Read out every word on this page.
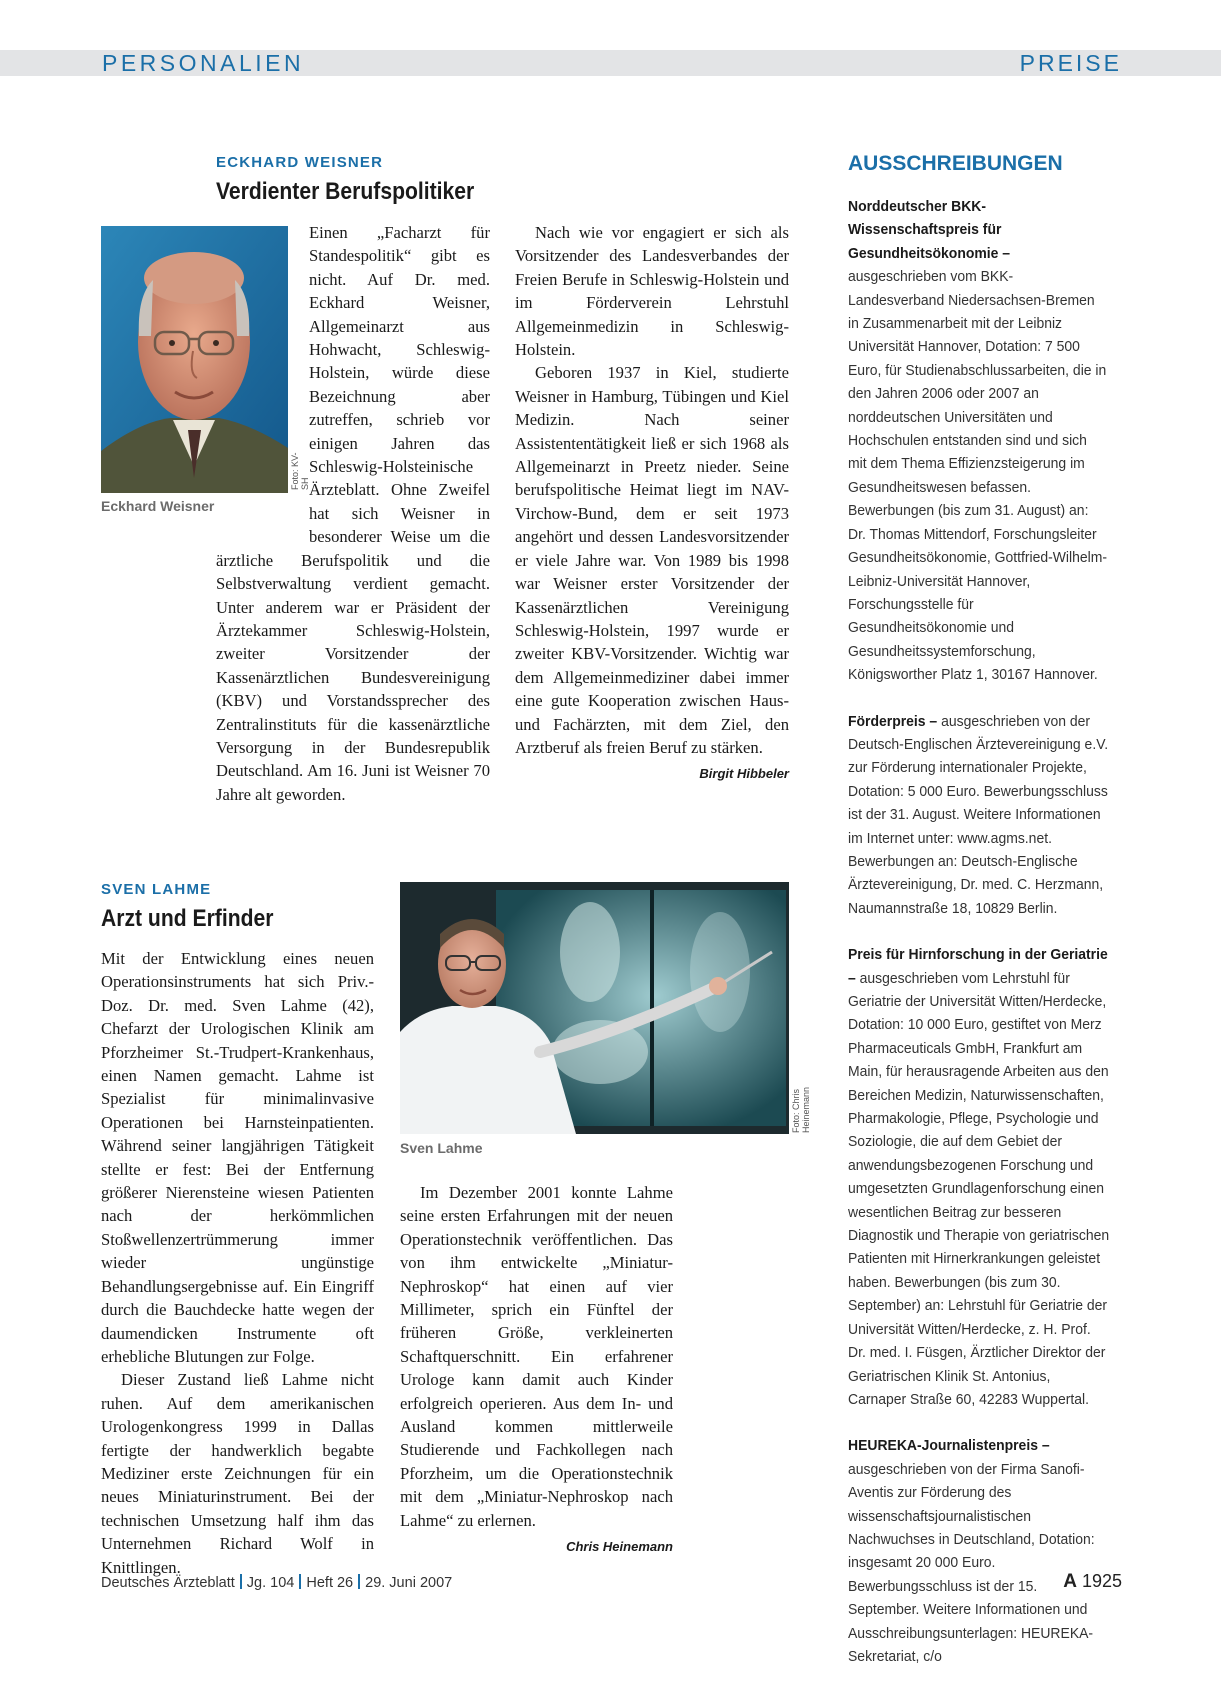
PERSONALIEN	PREISE
ECKHARD WEISNER
Verdienter Berufspolitiker
Foto: KV-SH
Eckhard Weisner

Einen „Facharzt für Standespolitik“ gibt es nicht. Auf Dr. med. Eckhard Weisner, Allgemeinarzt aus Hohwacht, Schleswig-Holstein, würde diese Bezeichnung aber zutreffen, schrieb vor einigen Jahren das Schleswig-Holsteinische Ärzteblatt. Ohne Zweifel hat sich Weisner in besonderer Weise um die ärztliche Berufspolitik und die Selbstverwaltung verdient gemacht. Unter anderem war er Präsident der Ärztekammer Schleswig-Holstein, zweiter Vorsitzender der Kassenärztlichen Bundesvereinigung (KBV) und Vorstandssprecher des Zentralinstituts für die kassenärztliche Versorgung in der Bundesrepublik Deutschland. Am 16. Juni ist Weisner 70 Jahre alt geworden.

Nach wie vor engagiert er sich als Vorsitzender des Landesverbandes der Freien Berufe in Schleswig-Holstein und im Förderverein Lehrstuhl Allgemeinmedizin in Schleswig-Holstein.

Geboren 1937 in Kiel, studierte Weisner in Hamburg, Tübingen und Kiel Medizin. Nach seiner Assistententätigkeit ließ er sich 1968 als Allgemeinarzt in Preetz nieder. Seine berufspolitische Heimat liegt im NAV-Virchow-Bund, dem er seit 1973 angehört und dessen Landesvorsitzender er viele Jahre war. Von 1989 bis 1998 war Weisner erster Vorsitzender der Kassenärztlichen Vereinigung Schleswig-Holstein, 1997 wurde er zweiter KBV-Vorsitzender. Wichtig war dem Allgemeinmediziner dabei immer eine gute Kooperation zwischen Haus- und Fachärzten, mit dem Ziel, den Arztberuf als freien Beruf zu stärken.

Birgit Hibbeler
SVEN LAHME
Arzt und Erfinder

Mit der Entwicklung eines neuen Operationsinstruments hat sich Priv.-Doz. Dr. med. Sven Lahme (42), Chefarzt der Urologischen Klinik am Pforzheimer St.-Trudpert-Krankenhaus, einen Namen gemacht. Lahme ist Spezialist für minimalinvasive Operationen bei Harnsteinpatienten. Während seiner langjährigen Tätigkeit stellte er fest: Bei der Entfernung größerer Nierensteine wiesen Patienten nach der herkömmlichen Stoßwellenzertrümmerung immer wieder ungünstige Behandlungsergebnisse auf. Ein Eingriff durch die Bauchdecke hatte wegen der daumendicken Instrumente oft erhebliche Blutungen zur Folge.

Dieser Zustand ließ Lahme nicht ruhen. Auf dem amerikanischen Urologenkongress 1999 in Dallas fertigte der handwerklich begabte Mediziner erste Zeichnungen für ein neues Miniaturinstrument. Bei der technischen Umsetzung half ihm das Unternehmen Richard Wolf in Knittlingen.

Foto: Chris Heinemann
Sven Lahme

Im Dezember 2001 konnte Lahme seine ersten Erfahrungen mit der neuen Operationstechnik veröffentlichen. Das von ihm entwickelte „Miniatur-Nephroskop“ hat einen auf vier Millimeter, sprich ein Fünftel der früheren Größe, verkleinerten Schaftquerschnitt. Ein erfahrener Urologe kann damit auch Kinder erfolgreich operieren. Aus dem In- und Ausland kommen mittlerweile Studierende und Fachkollegen nach Pforzheim, um die Operationstechnik mit dem „Miniatur-Nephroskop nach Lahme“ zu erlernen.

Chris Heinemann
AUSSCHREIBUNGEN

Norddeutscher BKK-Wissenschaftspreis für Gesundheitsökonomie – ausgeschrieben vom BKK-Landesverband Niedersachsen-Bremen in Zusammenarbeit mit der Leibniz Universität Hannover, Dotation: 7 500 Euro, für Studienabschlussarbeiten, die in den Jahren 2006 oder 2007 an norddeutschen Universitäten und Hochschulen entstanden sind und sich mit dem Thema Effizienzsteigerung im Gesundheitswesen befassen. Bewerbungen (bis zum 31. August) an: Dr. Thomas Mittendorf, Forschungsleiter Gesundheitsökonomie, Gottfried-Wilhelm-Leibniz-Universität Hannover, Forschungsstelle für Gesundheitsökonomie und Gesundheitssystemforschung, Königsworther Platz 1, 30167 Hannover.

Förderpreis – ausgeschrieben von der Deutsch-Englischen Ärztevereinigung e.V. zur Förderung internationaler Projekte, Dotation: 5 000 Euro. Bewerbungsschluss ist der 31. August. Weitere Informationen im Internet unter: www.agms.net. Bewerbungen an: Deutsch-Englische Ärztevereinigung, Dr. med. C. Herzmann, Naumannstraße 18, 10829 Berlin.

Preis für Hirnforschung in der Geriatrie – ausgeschrieben vom Lehrstuhl für Geriatrie der Universität Witten/Herdecke, Dotation: 10 000 Euro, gestiftet von Merz Pharmaceuticals GmbH, Frankfurt am Main, für herausragende Arbeiten aus den Bereichen Medizin, Naturwissenschaften, Pharmakologie, Pflege, Psychologie und Soziologie, die auf dem Gebiet der anwendungsbezogenen Forschung und umgesetzten Grundlagenforschung einen wesentlichen Beitrag zur besseren Diagnostik und Therapie von geriatrischen Patienten mit Hirnerkrankungen geleistet haben. Bewerbungen (bis zum 30. September) an: Lehrstuhl für Geriatrie der Universität Witten/Herdecke, z. H. Prof. Dr. med. I. Füsgen, Ärztlicher Direktor der Geriatrischen Klinik St. Antonius, Carnaper Straße 60, 42283 Wuppertal.

HEUREKA-Journalistenpreis – ausgeschrieben von der Firma Sanofi-Aventis zur Förderung des wissenschaftsjournalistischen Nachwuchses in Deutschland, Dotation: insgesamt 20 000 Euro. Bewerbungsschluss ist der 15. September. Weitere Informationen und Ausschreibungsunterlagen: HEUREKA-Sekretariat, c/o

Deutsches Ärzteblatt Jg. 104 Heft 26 29. Juni 2007	A 1925
